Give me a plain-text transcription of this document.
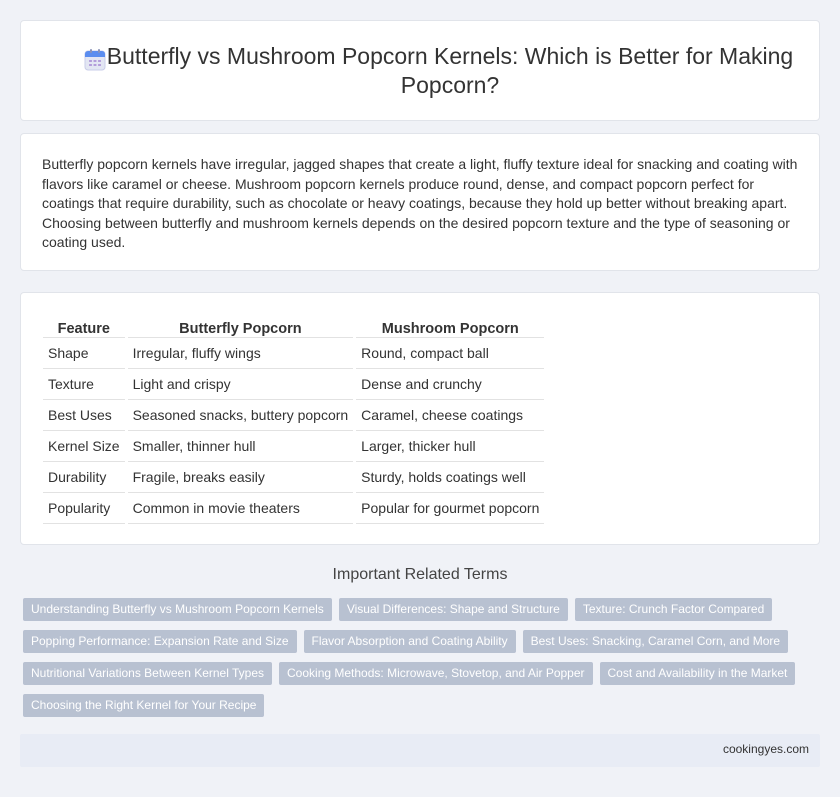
Butterfly vs Mushroom Popcorn Kernels: Which is Better for Making Popcorn?

Butterfly popcorn kernels have irregular, jagged shapes that create a light, fluffy texture ideal for snacking and coating with flavors like caramel or cheese. Mushroom popcorn kernels produce round, dense, and compact popcorn perfect for coatings that require durability, such as chocolate or heavy coatings, because they hold up better without breaking apart. Choosing between butterfly and mushroom kernels depends on the desired popcorn texture and the type of seasoning or coating used.

Feature	Butterfly Popcorn	Mushroom Popcorn
Shape	Irregular, fluffy wings	Round, compact ball
Texture	Light and crispy	Dense and crunchy
Best Uses	Seasoned snacks, buttery popcorn	Caramel, cheese coatings
Kernel Size	Smaller, thinner hull	Larger, thicker hull
Durability	Fragile, breaks easily	Sturdy, holds coatings well
Popularity	Common in movie theaters	Popular for gourmet popcorn
Important Related Terms
Understanding Butterfly vs Mushroom Popcorn Kernels	Visual Differences: Shape and Structure	Texture: Crunch Factor Compared
Popping Performance: Expansion Rate and Size	Flavor Absorption and Coating Ability	Best Uses: Snacking, Caramel Corn, and More
Nutritional Variations Between Kernel Types	Cooking Methods: Microwave, Stovetop, and Air Popper	Cost and Availability in the Market
Choosing the Right Kernel for Your Recipe
cookingyes.com
